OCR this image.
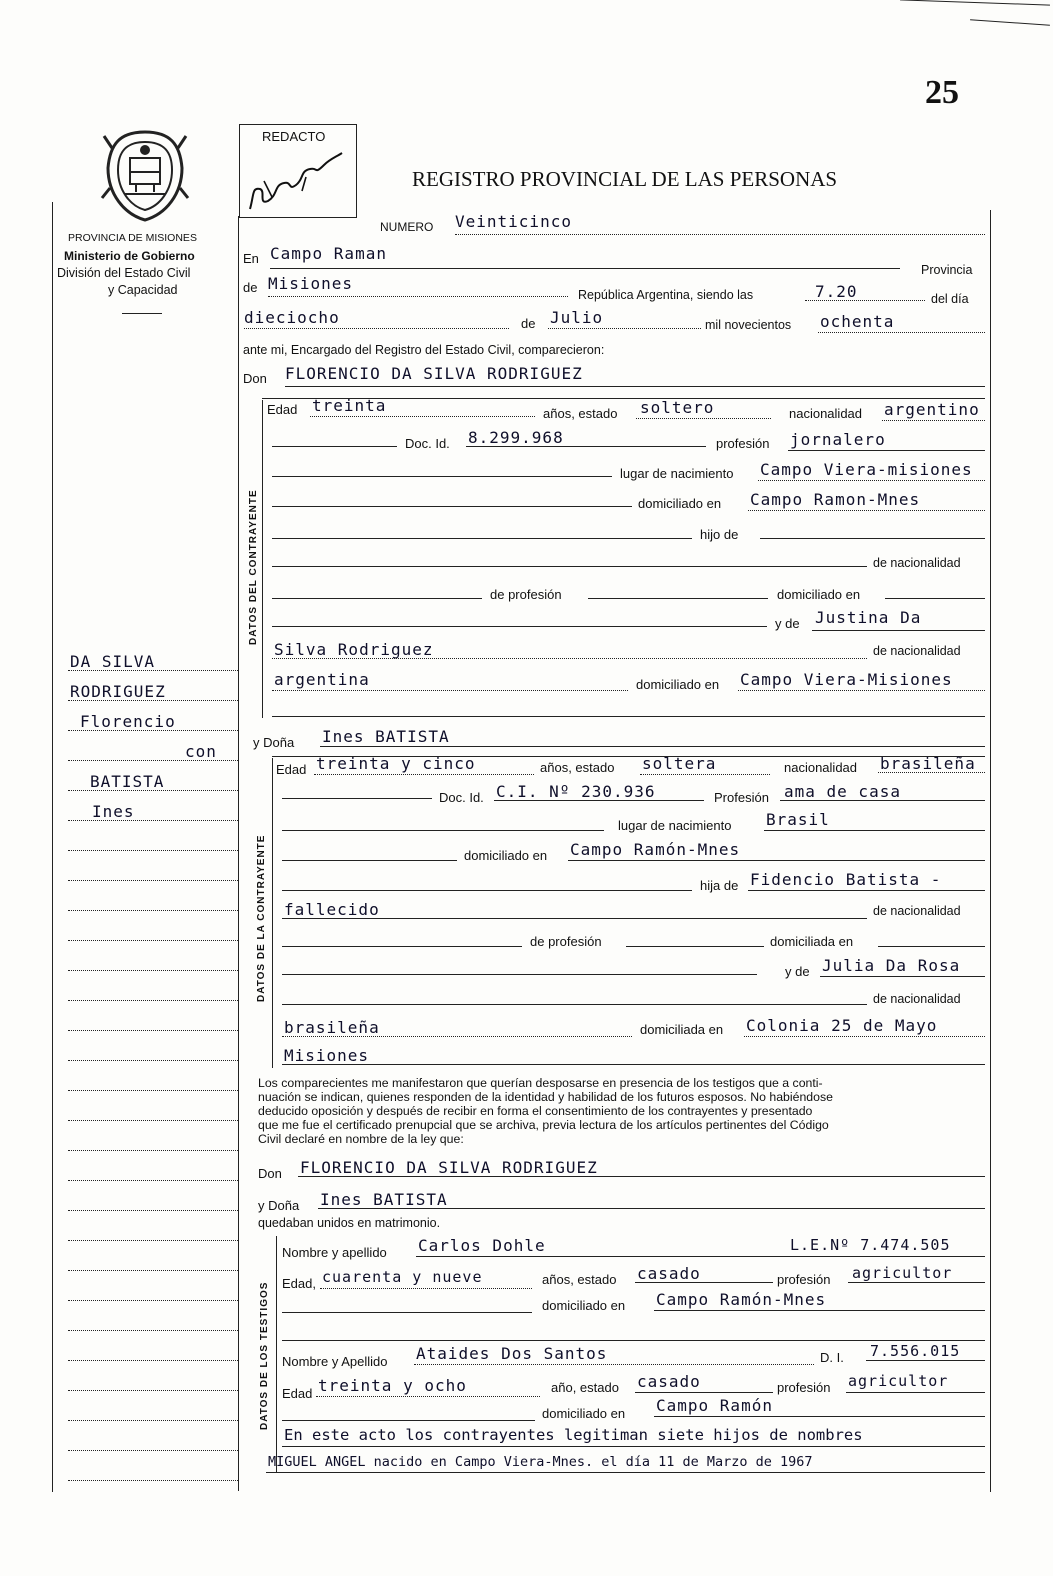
25
PROVINCIA DE MISIONES
Ministerio de Gobierno
División del Estado Civil
y Capacidad
DA SILVA
RODRIGUEZ
Florencio
con
BATISTA
Ines
REDACTO
REGISTRO PROVINCIAL DE LAS PERSONAS
NUMERO Veinticinco
En Campo Raman
Provincia
de Misiones
República Argentina, siendo las	7.20	del día
dieciocho	de Julio	mil novecientos ochenta
ante mi, Encargado del Registro del Estado Civil, comparecieron:
Don FLORENCIO DA SILVA RODRIGUEZ
DATOS DEL CONTRAYENTE
Edad treinta	años, estado soltero	nacionalidad argentino
Doc. Id. 8.299.968	profesión jornalero
lugar de nacimiento Campo Viera-misiones
domiciliado en Campo Ramon-Mnes
hijo de
de nacionalidad
de profesión	domiciliado en
y de Justina Da
Silva Rodriguez	de nacionalidad
argentina	domiciliado en Campo Viera-Misiones
y Doña Ines BATISTA
DATOS DE LA CONTRAYENTE
Edad treinta y cinco	años, estado soltera	nacionalidad brasileña
Doc. Id. C.I. Nº 230.936	Profesión ama de casa
lugar de nacimiento Brasil
domiciliado en Campo Ramón-Mnes
hija de Fidencio Batista -
fallecido	de nacionalidad
de profesión	domiciliada en
y de Julia Da Rosa
de nacionalidad
brasileña	domiciliada en Colonia 25 de Mayo
Misiones
Los comparecientes me manifestaron que querían desposarse en presencia de los testigos que a conti-
nuación se indican, quienes responden de la identidad y habilidad de los futuros esposos. No habiéndose
deducido oposición y después de recibir en forma el consentimiento de los contrayentes y presentado
que me fue el certificado prenupcial que se archiva, previa lectura de los artículos pertinentes del Código
Civil declaré en nombre de la ley que:
Don FLORENCIO DA SILVA RODRIGUEZ
y Doña Ines BATISTA
quedaban unidos en matrimonio.
DATOS DE LOS TESTIGOS
Nombre y apellido Carlos Dohle	L.E.Nº 7.474.505
Edad, cuarenta y nueve	años, estado casado	profesión agricultor
domiciliado en Campo Ramón-Mnes
Nombre y Apellido Ataides Dos Santos	D. I. 7.556.015
Edad treinta y ocho	año, estado casado	profesión agricultor
domiciliado en Campo Ramón
En este acto los contrayentes legitiman siete hijos de nombres
MIGUEL ANGEL nacido en Campo Viera-Mnes. el día 11 de Marzo de 1967
